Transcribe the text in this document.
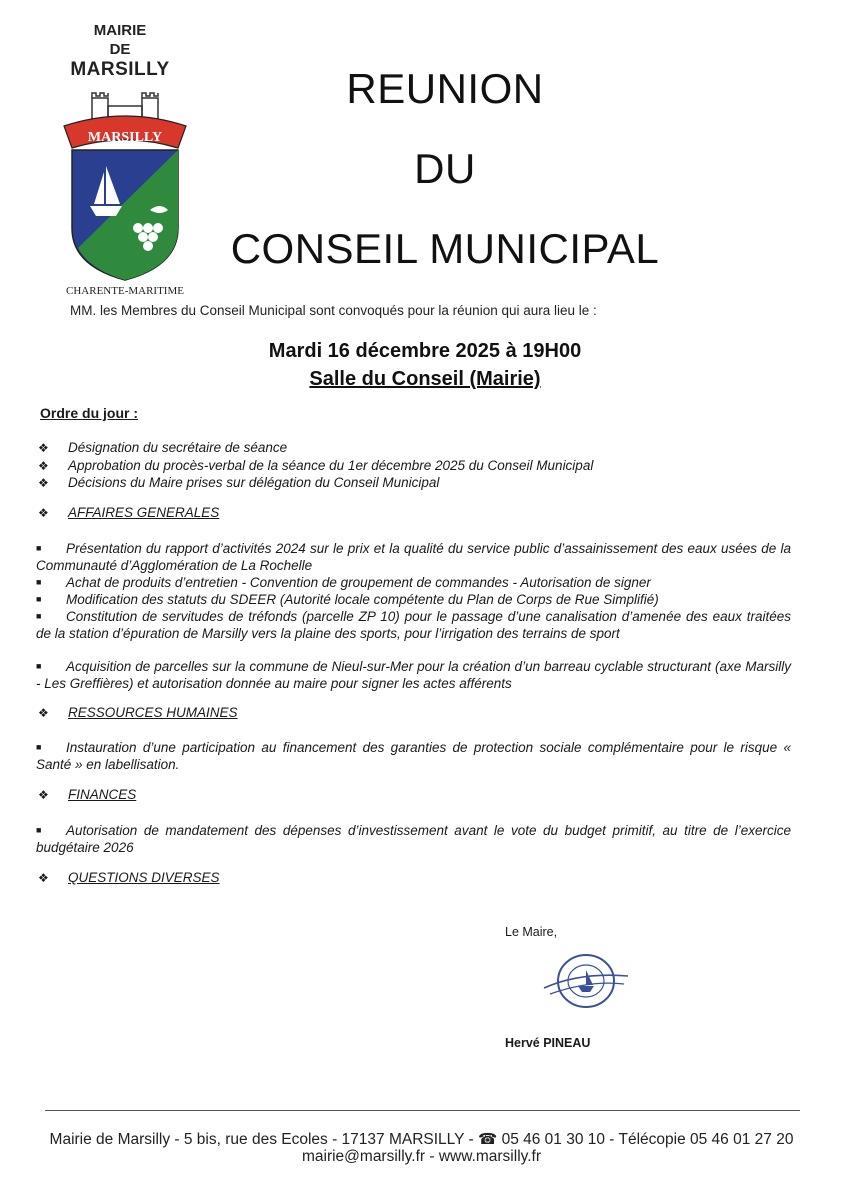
MAIRIE
DE
MARSILLY
MARSILLY
CHARENTE-MARITIME
REUNION
DU
CONSEIL MUNICIPAL
MM. les Membres du Conseil Municipal sont convoqués pour la réunion qui aura lieu le :
Mardi 16 décembre 2025 à 19H00
Salle du Conseil (Mairie)
Ordre du jour :
❖ Désignation du secrétaire de séance
❖ Approbation du procès-verbal de la séance du 1er décembre 2025 du Conseil Municipal
❖ Décisions du Maire prises sur délégation du Conseil Municipal
❖ AFFAIRES GENERALES
■ Présentation du rapport d’activités 2024 sur le prix et la qualité du service public d’assainissement des eaux usées de la Communauté d’Agglomération de La Rochelle
■ Achat de produits d’entretien - Convention de groupement de commandes - Autorisation de signer
■ Modification des statuts du SDEER (Autorité locale compétente du Plan de Corps de Rue Simplifié)
■ Constitution de servitudes de tréfonds (parcelle ZP 10) pour le passage d’une canalisation d’amenée des eaux traitées de la station d’épuration de Marsilly vers la plaine des sports, pour l’irrigation des terrains de sport
■ Acquisition de parcelles sur la commune de Nieul-sur-Mer pour la création d’un barreau cyclable structurant (axe Marsilly - Les Greffières) et autorisation donnée au maire pour signer les actes afférents
❖ RESSOURCES HUMAINES
■ Instauration d’une participation au financement des garanties de protection sociale complémentaire pour le risque « Santé » en labellisation.
❖ FINANCES
■ Autorisation de mandatement des dépenses d’investissement avant le vote du budget primitif, au titre de l’exercice budgétaire 2026
❖ QUESTIONS DIVERSES
Le Maire,
Hervé PINEAU
Mairie de Marsilly - 5 bis, rue des Ecoles - 17137 MARSILLY - ☎ 05 46 01 30 10 - Télécopie 05 46 01 27 20
mairie@marsilly.fr - www.marsilly.fr
